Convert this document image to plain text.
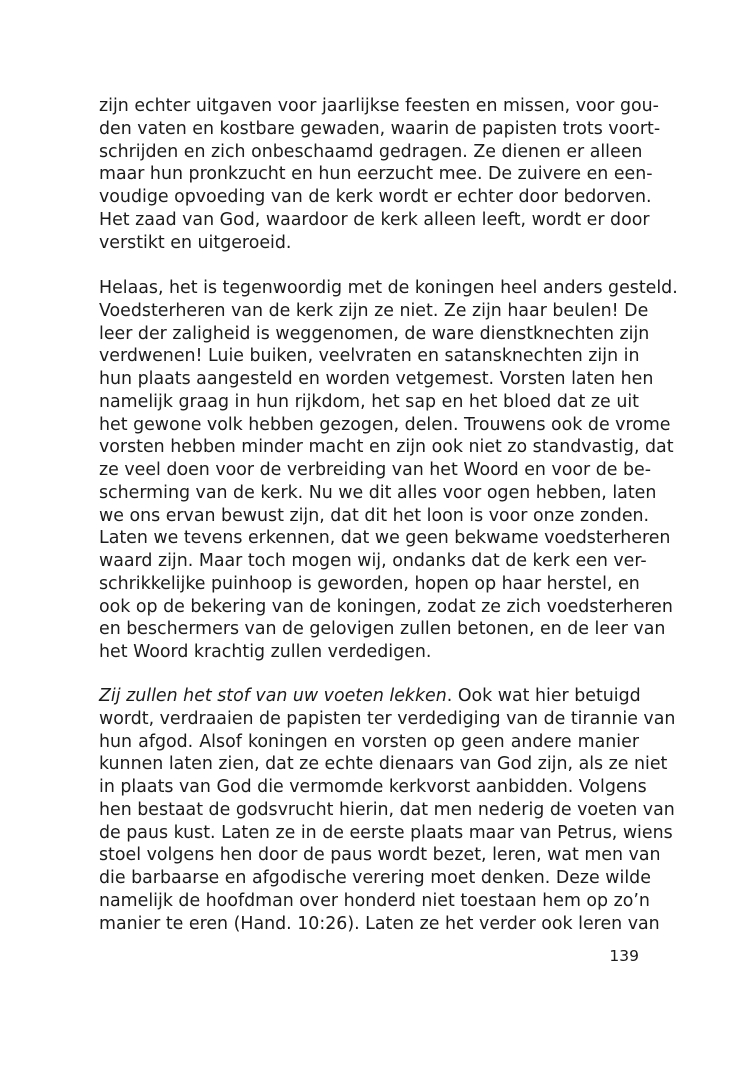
zijn echter uitgaven voor jaarlijkse feesten en missen, voor gou-
den vaten en kostbare gewaden, waarin de papisten trots voort-
schrijden en zich onbeschaamd gedragen. Ze dienen er alleen
maar hun pronkzucht en hun eerzucht mee. De zuivere en een-
voudige opvoeding van de kerk wordt er echter door bedorven.
Het zaad van God, waardoor de kerk alleen leeft, wordt er door
verstikt en uitgeroeid.
Helaas, het is tegenwoordig met de koningen heel anders gesteld.
Voedsterheren van de kerk zijn ze niet. Ze zijn haar beulen! De
leer der zaligheid is weggenomen, de ware dienstknechten zijn
verdwenen! Luie buiken, veelvraten en satansknechten zijn in
hun plaats aangesteld en worden vetgemest. Vorsten laten hen
namelijk graag in hun rijkdom, het sap en het bloed dat ze uit
het gewone volk hebben gezogen, delen. Trouwens ook de vrome
vorsten hebben minder macht en zijn ook niet zo standvastig, dat
ze veel doen voor de verbreiding van het Woord en voor de be-
scherming van de kerk. Nu we dit alles voor ogen hebben, laten
we ons ervan bewust zijn, dat dit het loon is voor onze zonden.
Laten we tevens erkennen, dat we geen bekwame voedsterheren
waard zijn. Maar toch mogen wij, ondanks dat de kerk een ver-
schrikkelijke puinhoop is geworden, hopen op haar herstel, en
ook op de bekering van de koningen, zodat ze zich voedsterheren
en beschermers van de gelovigen zullen betonen, en de leer van
het Woord krachtig zullen verdedigen.
Zij zullen het stof van uw voeten lekken. Ook wat hier betuigd
wordt, verdraaien de papisten ter verdediging van de tirannie van
hun afgod. Alsof koningen en vorsten op geen andere manier
kunnen laten zien, dat ze echte dienaars van God zijn, als ze niet
in plaats van God die vermomde kerkvorst aanbidden. Volgens
hen bestaat de godsvrucht hierin, dat men nederig de voeten van
de paus kust. Laten ze in de eerste plaats maar van Petrus, wiens
stoel volgens hen door de paus wordt bezet, leren, wat men van
die barbaarse en afgodische verering moet denken. Deze wilde
namelijk de hoofdman over honderd niet toestaan hem op zo’n
manier te eren (Hand. 10:26). Laten ze het verder ook leren van
139
